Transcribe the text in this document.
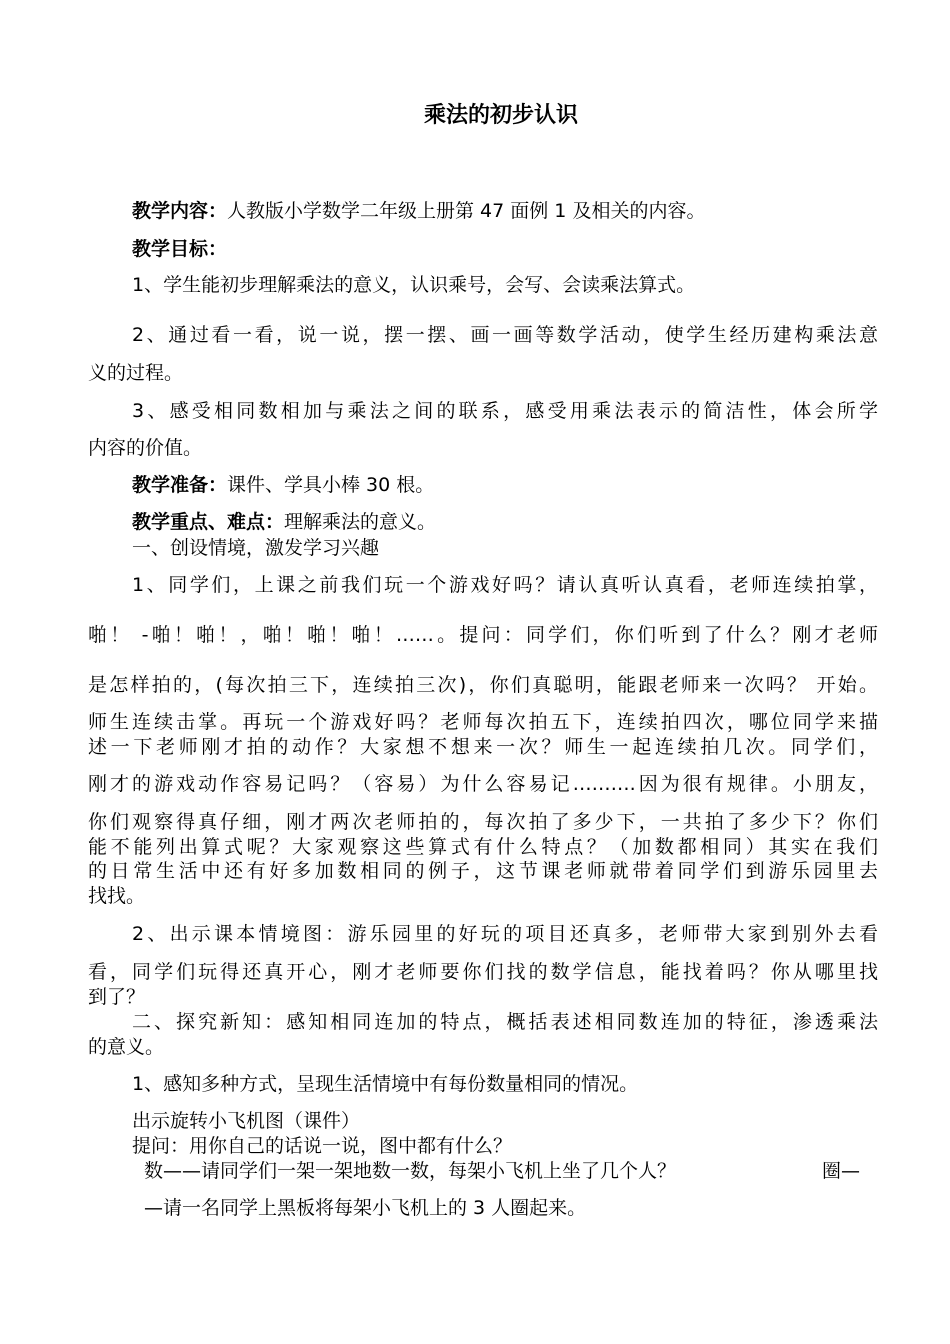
乘法的初步认识
教学内容：人教版小学数学二年级上册第 47 面例 1 及相关的内容。
教学目标：
1、学生能初步理解乘法的意义，认识乘号，会写、会读乘法算式。
2、通过看一看，说一说，摆一摆、画一画等数学活动，使学生经历建构乘法意
义的过程。
3、感受相同数相加与乘法之间的联系，感受用乘法表示的简洁性，体会所学
内容的价值。
教学准备：课件、学具小棒 30 根。
教学重点、难点：理解乘法的意义。
一、创设情境，激发学习兴趣
1、同学们，上课之前我们玩一个游戏好吗？请认真听认真看，老师连续拍掌，
啪！ -啪！啪！，啪！啪！啪！……。提问：同学们，你们听到了什么？刚才老师
是怎样拍的，(每次拍三下，连续拍三次)，你们真聪明，能跟老师来一次吗？ 开始。
师生连续击掌。再玩一个游戏好吗？老师每次拍五下，连续拍四次，哪位同学来描
述一下老师刚才拍的动作？大家想不想来一次？师生一起连续拍几次。同学们，
刚才的游戏动作容易记吗？（容易）为什么容易记……….因为很有规律。小朋友，
你们观察得真仔细，刚才两次老师拍的，每次拍了多少下，一共拍了多少下？你们
能不能列出算式呢？大家观察这些算式有什么特点？（加数都相同）其实在我们
的日常生活中还有好多加数相同的例子，这节课老师就带着同学们到游乐园里去
找找。
2、出示课本情境图：游乐园里的好玩的项目还真多，老师带大家到别外去看
看，同学们玩得还真开心，刚才老师要你们找的数学信息，能找着吗？你从哪里找
到了？
二、探究新知：感知相同连加的特点，概括表述相同数连加的特征，渗透乘法
的意义。
1、感知多种方式，呈现生活情境中有每份数量相同的情况。
出示旋转小飞机图（课件）
提问：用你自己的话说一说，图中都有什么？
数——请同学们一架一架地数一数，每架小飞机上坐了几个人？	圈—
—请一名同学上黑板将每架小飞机上的 3 人圈起来。
